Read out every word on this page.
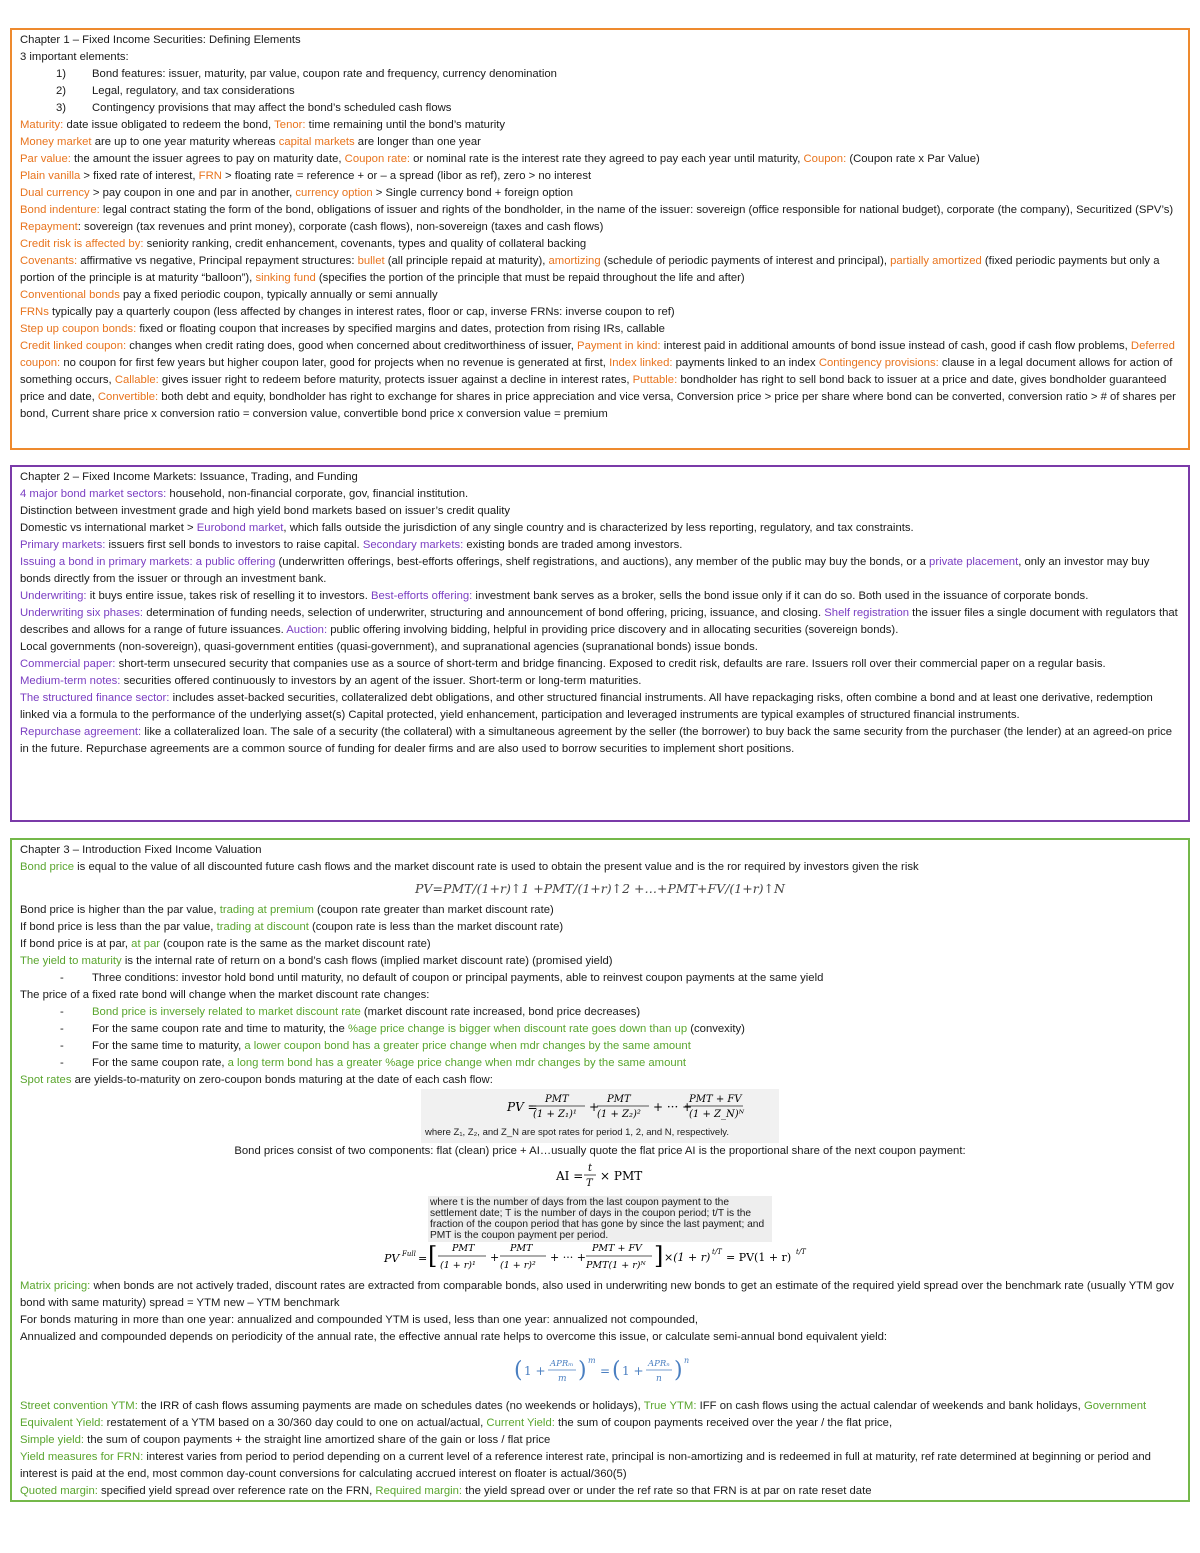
Chapter 1 – Fixed Income Securities: Defining Elements

3 important elements:

1)	Bond features: issuer, maturity, par value, coupon rate and frequency, currency denomination
2)	Legal, regulatory, and tax considerations
3)	Contingency provisions that may affect the bond’s scheduled cash flows

Maturity: date issue obligated to redeem the bond, Tenor: time remaining until the bond’s maturity

Money market are up to one year maturity whereas capital markets are longer than one year

Par value: the amount the issuer agrees to pay on maturity date, Coupon rate: or nominal rate is the interest rate they agreed to pay each year until maturity, Coupon: (Coupon rate x Par Value)

Plain vanilla > fixed rate of interest, FRN > floating rate = reference + or – a spread (libor as ref), zero > no interest

Dual currency > pay coupon in one and par in another, currency option > Single currency bond + foreign option

Bond indenture: legal contract stating the form of the bond, obligations of issuer and rights of the bondholder, in the name of the issuer: sovereign (office responsible for national budget), corporate (the company), Securitized (SPV’s)

Repayment: sovereign (tax revenues and print money), corporate (cash flows), non-sovereign (taxes and cash flows)

Credit risk is affected by: seniority ranking, credit enhancement, covenants, types and quality of collateral backing

Covenants: affirmative vs negative, Principal repayment structures: bullet (all principle repaid at maturity), amortizing (schedule of periodic payments of interest and principal), partially amortized (fixed periodic payments but only a portion of the principle is at maturity “balloon”), sinking fund (specifies the portion of the principle that must be repaid throughout the life and after)

Conventional bonds pay a fixed periodic coupon, typically annually or semi annually

FRNs typically pay a quarterly coupon (less affected by changes in interest rates, floor or cap, inverse FRNs: inverse coupon to ref)

Step up coupon bonds: fixed or floating coupon that increases by specified margins and dates, protection from rising IRs, callable

Credit linked coupon: changes when credit rating does, good when concerned about creditworthiness of issuer, Payment in kind: interest paid in additional amounts of bond issue instead of cash, good if cash flow problems, Deferred coupon: no coupon for first few years but higher coupon later, good for projects when no revenue is generated at first, Index linked: payments linked to an index Contingency provisions: clause in a legal document allows for action of something occurs, Callable: gives issuer right to redeem before maturity, protects issuer against a decline in interest rates, Puttable: bondholder has right to sell bond back to issuer at a price and date, gives bondholder guaranteed price and date, Convertible: both debt and equity, bondholder has right to exchange for shares in price appreciation and vice versa, Conversion price > price per share where bond can be converted, conversion ratio > # of shares per bond, Current share price x conversion ratio = conversion value, convertible bond price x conversion value = premium

Chapter 2 – Fixed Income Markets: Issuance, Trading, and Funding

4 major bond market sectors: household, non-financial corporate, gov, financial institution.

Distinction between investment grade and high yield bond markets based on issuer’s credit quality

Domestic vs international market > Eurobond market, which falls outside the jurisdiction of any single country and is characterized by less reporting, regulatory, and tax constraints.

Primary markets: issuers first sell bonds to investors to raise capital. Secondary markets: existing bonds are traded among investors.

Issuing a bond in primary markets: a public offering (underwritten offerings, best-efforts offerings, shelf registrations, and auctions), any member of the public may buy the bonds, or a private placement, only an investor may buy bonds directly from the issuer or through an investment bank.

Underwriting: it buys entire issue, takes risk of reselling it to investors. Best-efforts offering: investment bank serves as a broker, sells the bond issue only if it can do so. Both used in the issuance of corporate bonds.

Underwriting six phases: determination of funding needs, selection of underwriter, structuring and announcement of bond offering, pricing, issuance, and closing. Shelf registration the issuer files a single document with regulators that describes and allows for a range of future issuances. Auction: public offering involving bidding, helpful in providing price discovery and in allocating securities (sovereign bonds).

Local governments (non-sovereign), quasi-government entities (quasi-government), and supranational agencies (supranational bonds) issue bonds.

Commercial paper: short-term unsecured security that companies use as a source of short-term and bridge financing. Exposed to credit risk, defaults are rare. Issuers roll over their commercial paper on a regular basis.

Medium-term notes: securities offered continuously to investors by an agent of the issuer. Short-term or long-term maturities.

The structured finance sector: includes asset-backed securities, collateralized debt obligations, and other structured financial instruments. All have repackaging risks, often combine a bond and at least one derivative, redemption linked via a formula to the performance of the underlying asset(s) Capital protected, yield enhancement, participation and leveraged instruments are typical examples of structured financial instruments.

Repurchase agreement: like a collateralized loan. The sale of a security (the collateral) with a simultaneous agreement by the seller (the borrower) to buy back the same security from the purchaser (the lender) at an agreed-on price in the future. Repurchase agreements are a common source of funding for dealer firms and are also used to borrow securities to implement short positions.

Chapter 3 – Introduction Fixed Income Valuation

Bond price is equal to the value of all discounted future cash flows and the market discount rate is used to obtain the present value and is the ror required by investors given the risk

PV=PMT/(1+r)↑1 +PMT/(1+r)↑2 +…+PMT+FV/(1+r)↑N

Bond price is higher than the par value, trading at premium (coupon rate greater than market discount rate)

If bond price is less than the par value, trading at discount (coupon rate is less than the market discount rate)

If bond price is at par, at par (coupon rate is the same as the market discount rate)

The yield to maturity is the internal rate of return on a bond’s cash flows (implied market discount rate) (promised yield)

-	Three conditions: investor hold bond until maturity, no default of coupon or principal payments, able to reinvest coupon payments at the same yield

The price of a fixed rate bond will change when the market discount rate changes:

-	Bond price is inversely related to market discount rate (market discount rate increased, bond price decreases)
-	For the same coupon rate and time to maturity, the %age price change is bigger when discount rate goes down than up (convexity)
-	For the same time to maturity, a lower coupon bond has a greater price change when mdr changes by the same amount
-	For the same coupon rate, a long term bond has a greater %age price change when mdr changes by the same amount

Spot rates are yields-to-maturity on zero-coupon bonds maturing at the date of each cash flow:

PV =
PMT
(1 + Z₁)¹
+
PMT
(1 + Z₂)²
+ ··· +
PMT + FV
(1 + Z_N)ᴺ
where Z₁, Z₂, and Z_N are spot rates for period 1, 2, and N, respectively.

Bond prices consist of two components: flat (clean) price + AI…usually quote the flat price AI is the proportional share of the next coupon payment:

AI =
t
T
× PMT
where t is the number of days from the last coupon payment to the settlement date; T is the number of days in the coupon period; t/T is the fraction of the coupon period that has gone by since the last payment; and PMT is the coupon payment per period.
PV Full = [ PMT
(1 + r)¹
+
PMT
(1 + r)²
+ ··· +
PMT + FV
PMT(1 + r)ᴺ ] ×(1 + r) t/T = PV(1 + r) t/T

Matrix pricing: when bonds are not actively traded, discount rates are extracted from comparable bonds, also used in underwriting new bonds to get an estimate of the required yield spread over the benchmark rate (usually YTM gov bond with same maturity) spread = YTM new – YTM benchmark

For bonds maturing in more than one year: annualized and compounded YTM is used, less than one year: annualized not compounded,

Annualized and compounded depends on periodicity of the annual rate, the effective annual rate helps to overcome this issue, or calculate semi-annual bond equivalent yield:

( 1 + APRₘ
m ) m
= ( 1 + APRₙ
n ) n

Street convention YTM: the IRR of cash flows assuming payments are made on schedules dates (no weekends or holidays), True YTM: IFF on cash flows using the actual calendar of weekends and bank holidays, Government Equivalent Yield: restatement of a YTM based on a 30/360 day could to one on actual/actual, Current Yield: the sum of coupon payments received over the year / the flat price,

Simple yield: the sum of coupon payments + the straight line amortized share of the gain or loss / flat price

Yield measures for FRN: interest varies from period to period depending on a current level of a reference interest rate, principal is non-amortizing and is redeemed in full at maturity, ref rate determined at beginning or period and interest is paid at the end, most common day-count conversions for calculating accrued interest on floater is actual/360(5)

Quoted margin: specified yield spread over reference rate on the FRN, Required margin: the yield spread over or under the ref rate so that FRN is at par on rate reset date
